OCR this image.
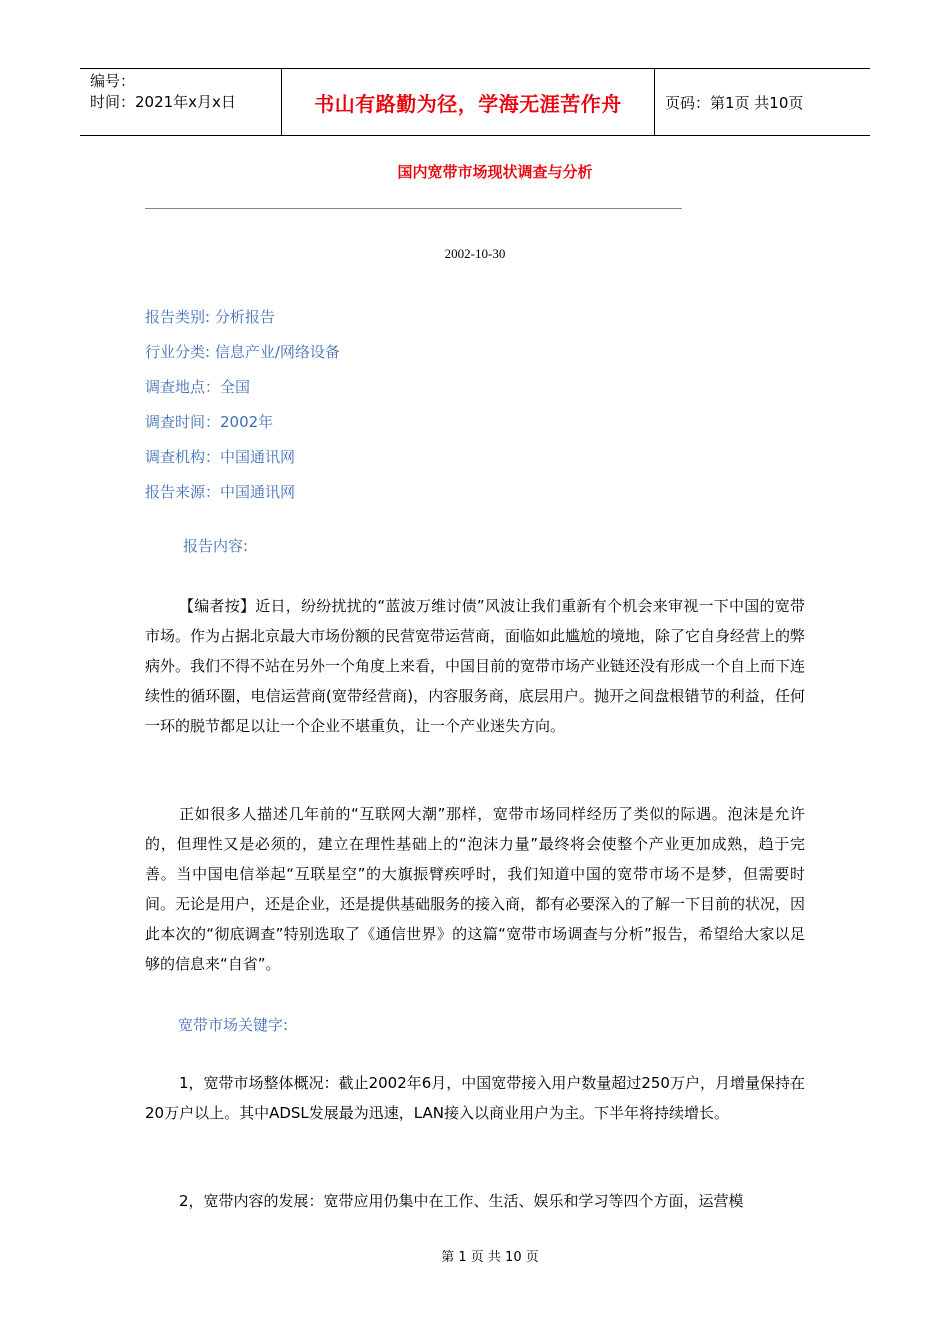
编号：
时间：2021年x月x日	书山有路勤为径，学海无涯苦作舟	页码：第1页 共10页
国内宽带市场现状调查与分析
2002-10-30
报告类别: 分析报告
行业分类: 信息产业/网络设备
调查地点：全国
调查时间：2002年
调查机构：中国通讯网
报告来源：中国通讯网
报告内容:
【编者按】近日，纷纷扰扰的“蓝波万维讨债”风波让我们重新有个机会来审视一下中国的宽带市场。作为占据北京最大市场份额的民营宽带运营商，面临如此尴尬的境地，除了它自身经营上的弊病外。我们不得不站在另外一个角度上来看，中国目前的宽带市场产业链还没有形成一个自上而下连续性的循环圈，电信运营商(宽带经营商)，内容服务商，底层用户。抛开之间盘根错节的利益，任何一环的脱节都足以让一个企业不堪重负，让一个产业迷失方向。
正如很多人描述几年前的“互联网大潮”那样，宽带市场同样经历了类似的际遇。泡沫是允许的，但理性又是必须的，建立在理性基础上的“泡沫力量”最终将会使整个产业更加成熟，趋于完善。当中国电信举起“互联星空”的大旗振臂疾呼时，我们知道中国的宽带市场不是梦，但需要时间。无论是用户，还是企业，还是提供基础服务的接入商，都有必要深入的了解一下目前的状况，因此本次的“彻底调查”特别选取了《通信世界》的这篇“宽带市场调查与分析”报告，希望给大家以足够的信息来“自省”。
宽带市场关键字:
1，宽带市场整体概况：截止2002年6月，中国宽带接入用户数量超过250万户，月增量保持在20万户以上。其中ADSL发展最为迅速，LAN接入以商业用户为主。下半年将持续增长。
2，宽带内容的发展：宽带应用仍集中在工作、生活、娱乐和学习等四个方面，运营模
第 1 页 共 10 页
